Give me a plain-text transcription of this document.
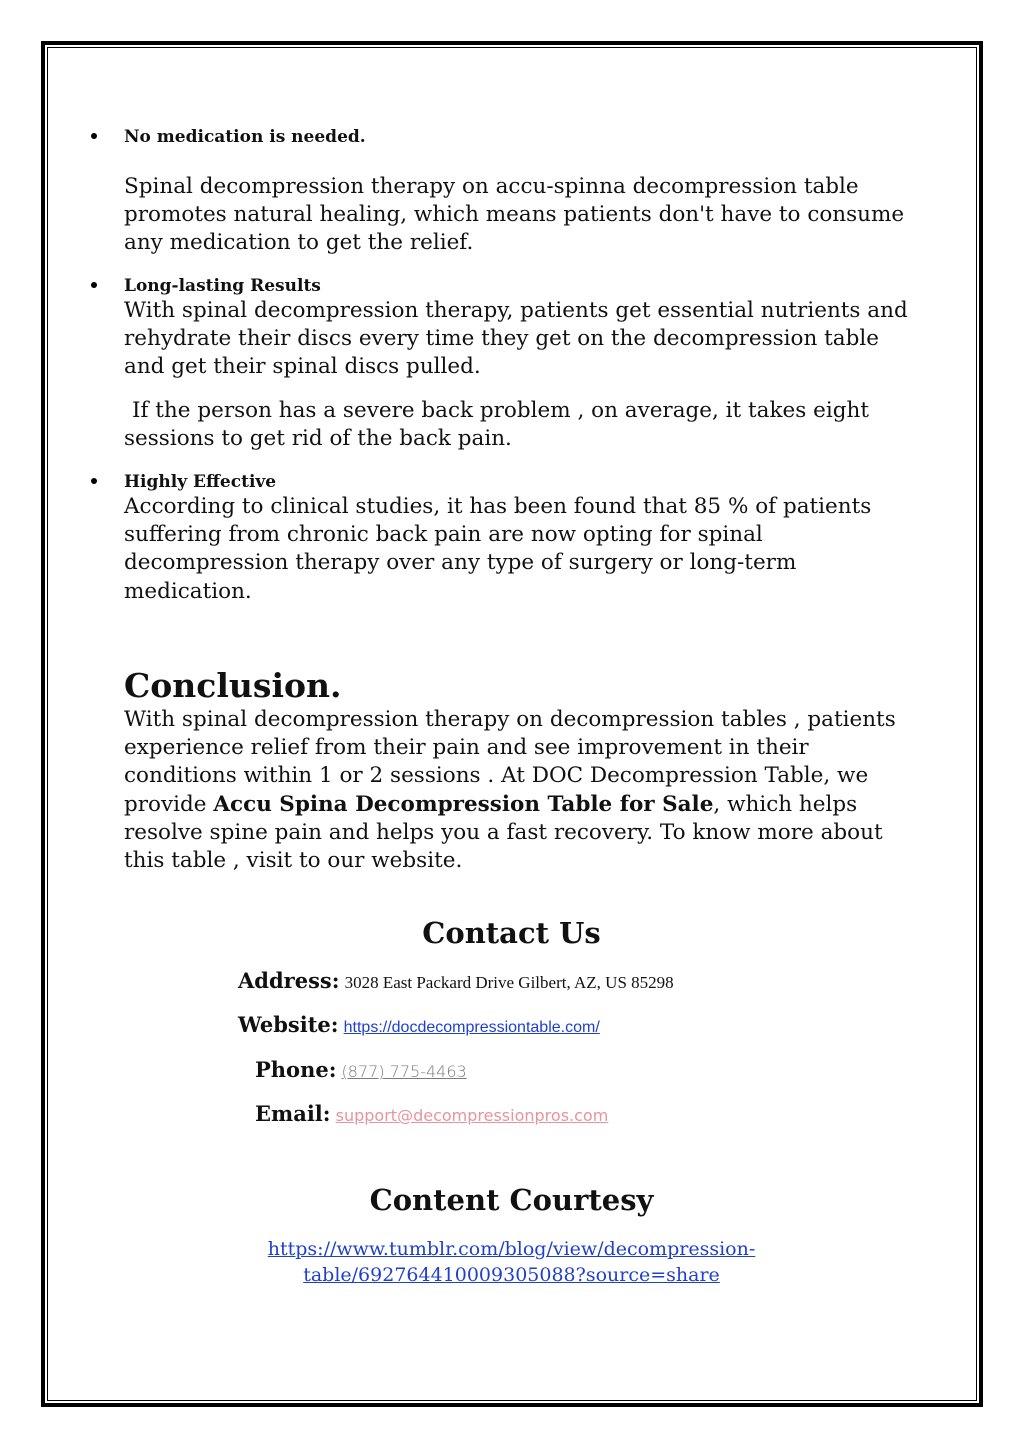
No medication is needed.

Spinal decompression therapy on accu-spinna decompression table promotes natural healing, which means patients don't have to consume any medication to get the relief.

Long-lasting Results

With spinal decompression therapy, patients get essential nutrients and rehydrate their discs every time they get on the decompression table and get their spinal discs pulled.

If the person has a severe back problem , on average, it takes eight sessions to get rid of the back pain.

Highly Effective

According to clinical studies, it has been found that 85 % of patients suffering from chronic back pain are now opting for spinal decompression therapy over any type of surgery or long-term medication.

Conclusion.

With spinal decompression therapy on decompression tables , patients experience relief from their pain and see improvement in their conditions within 1 or 2 sessions . At DOC Decompression Table, we provide Accu Spina Decompression Table for Sale, which helps resolve spine pain and helps you a fast recovery. To know more about this table , visit to our website.

Contact Us
Address: 3028 East Packard Drive Gilbert, AZ, US 85298
Website: https://docdecompressiontable.com/
Phone: (877) 775-4463
Email: support@decompressionpros.com
Content Courtesy

https://www.tumblr.com/blog/view/decompression-
table/692764410009305088?source=share
